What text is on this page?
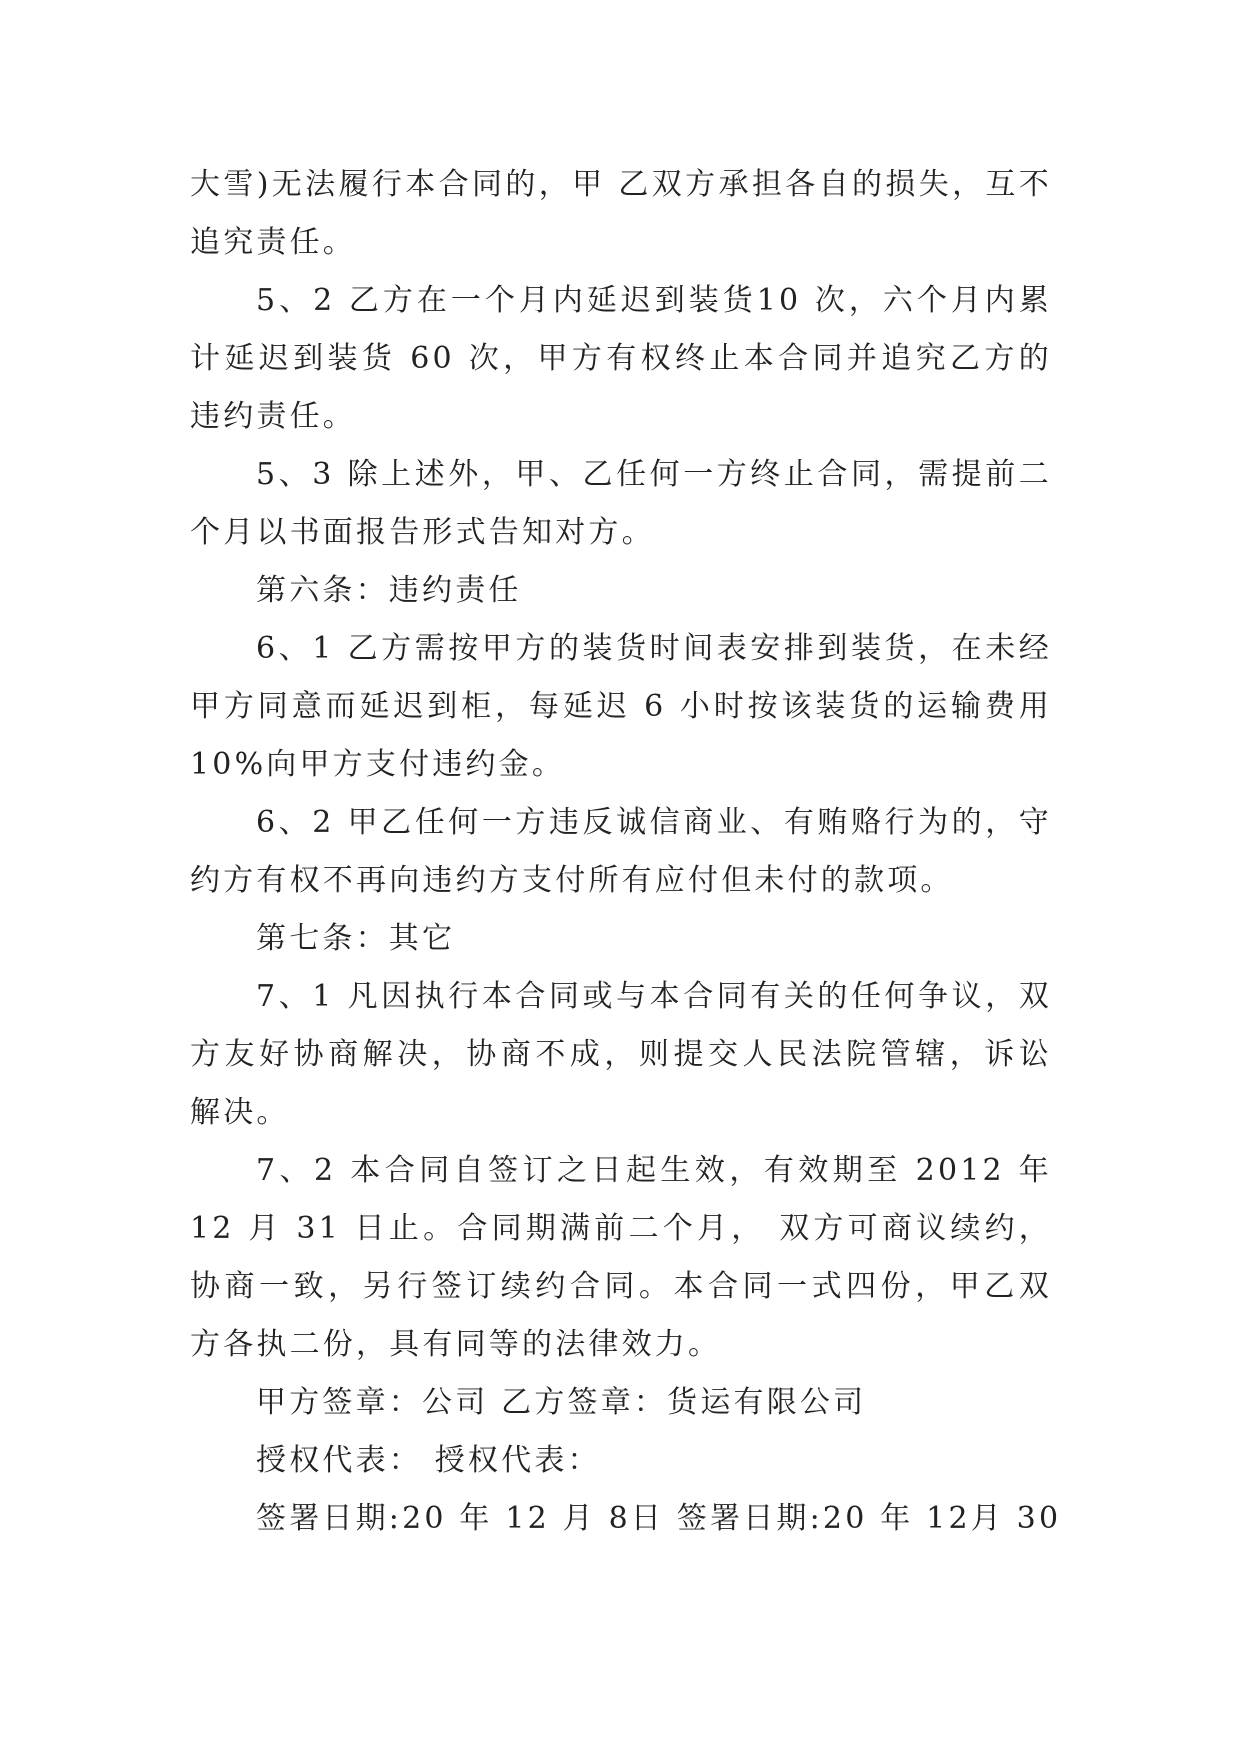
大雪)无法履行本合同的，甲 乙双方承担各自的损失，互不追究责任。

5、2 乙方在一个月内延迟到装货10 次，六个月内累计延迟到装货 60 次，甲方有权终止本合同并追究乙方的违约责任。

5、3 除上述外，甲、乙任何一方终止合同，需提前二个月以书面报告形式告知对方。

第六条：违约责任

6、1 乙方需按甲方的装货时间表安排到装货，在未经甲方同意而延迟到柜，每延迟 6 小时按该装货的运输费用10%向甲方支付违约金。

6、2 甲乙任何一方违反诚信商业、有贿赂行为的，守约方有权不再向违约方支付所有应付但未付的款项。

第七条：其它

7、1 凡因执行本合同或与本合同有关的任何争议，双方友好协商解决，协商不成，则提交人民法院管辖，诉讼解决。

7、2 本合同自签订之日起生效，有效期至 2012 年 12 月 31 日止。合同期满前二个月， 双方可商议续约，协商一致，另行签订续约合同。本合同一式四份，甲乙双方各执二份，具有同等的法律效力。

甲方签章：公司 乙方签章：货运有限公司

授权代表： 授权代表：

签署日期:20 年 12 月 8日 签署日期:20 年 12月 30
